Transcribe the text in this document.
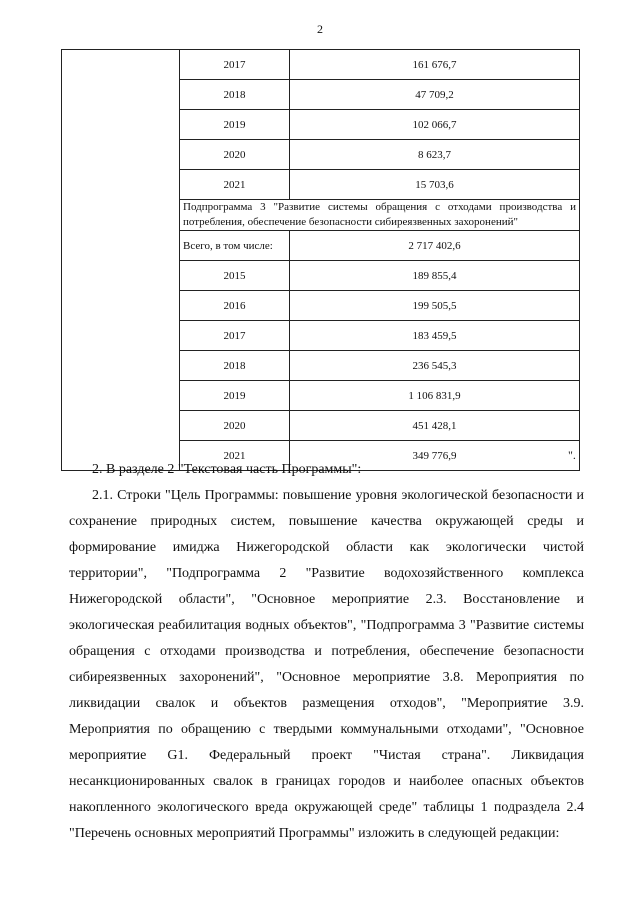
2
	2017	161 676,7
	2018	47 709,2
	2019	102 066,7
	2020	8 623,7
	2021	15 703,6
	Подпрограмма 3 "Развитие системы обращения с отходами производства и потребления, обеспечение безопасности сибиреязвенных захоронений"	
	Всего, в том числе:	2 717 402,6
	2015	189 855,4
	2016	199 505,5
	2017	183 459,5
	2018	236 545,3
	2019	1 106 831,9
	2020	451 428,1
	2021	349 776,9	".

2. В разделе 2 "Текстовая часть Программы":

2.1. Строки "Цель Программы: повышение уровня экологической безопасности и сохранение природных систем, повышение качества окружающей среды и формирование имиджа Нижегородской области как экологически чистой территории", "Подпрограмма 2 "Развитие водохозяйственного комплекса Нижегородской области", "Основное мероприятие 2.3. Восстановление и экологическая реабилитация водных объектов", "Подпрограмма 3 "Развитие системы обращения с отходами производства и потребления, обеспечение безопасности сибиреязвенных захоронений", "Основное мероприятие 3.8. Мероприятия по ликвидации свалок и объектов размещения отходов", "Мероприятие 3.9. Мероприятия по обращению с твердыми коммунальными отходами", "Основное мероприятие G1. Федеральный проект "Чистая страна". Ликвидация несанкционированных свалок в границах городов и наиболее опасных объектов накопленного экологического вреда окружающей среде" таблицы 1 подраздела 2.4 "Перечень основных мероприятий Программы" изложить в следующей редакции:
